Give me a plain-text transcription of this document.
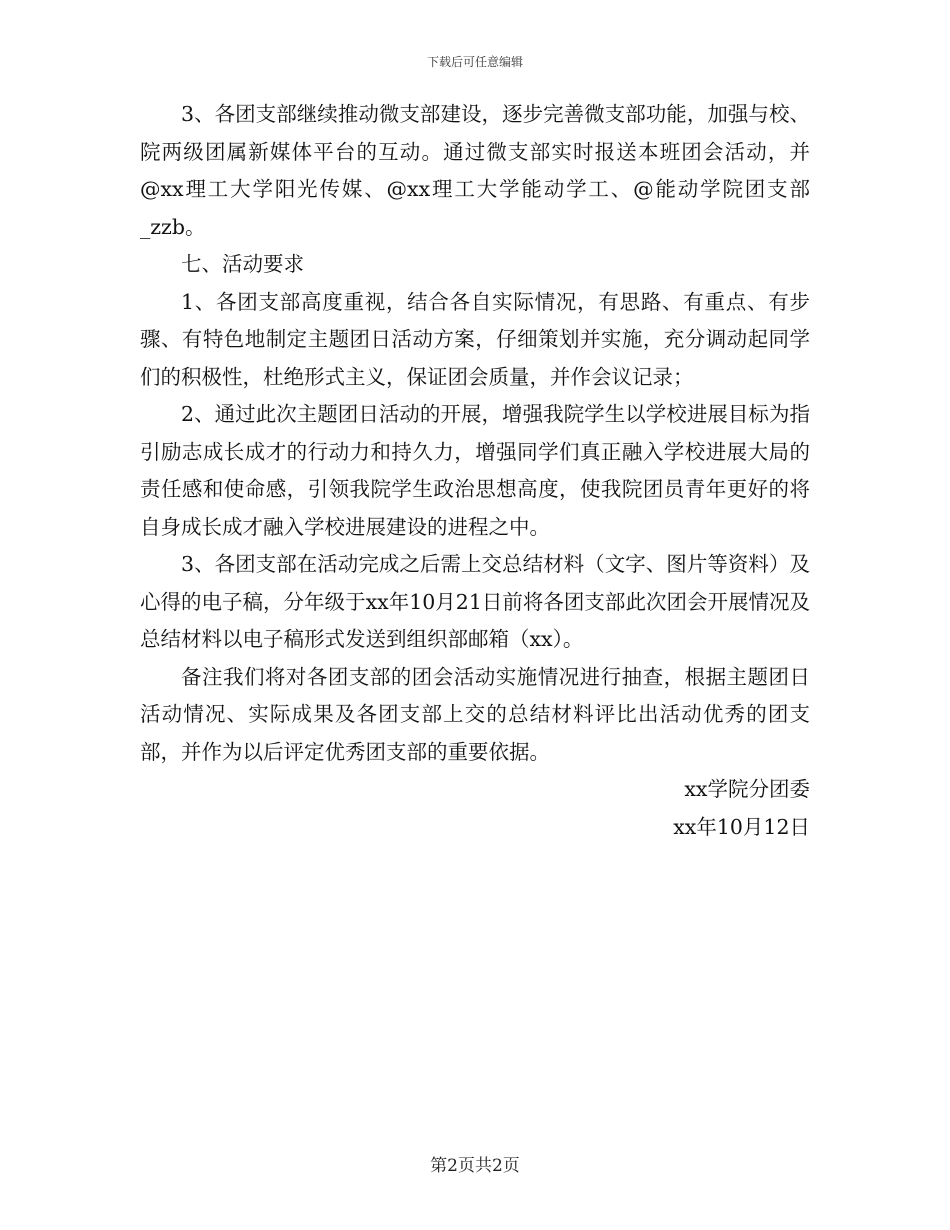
下载后可任意编辑

3、各团支部继续推动微支部建设，逐步完善微支部功能，加强与校、院两级团属新媒体平台的互动。通过微支部实时报送本班团会活动，并@xx理工大学阳光传媒、@xx理工大学能动学工、@能动学院团支部_zzb。

七、活动要求

1、各团支部高度重视，结合各自实际情况，有思路、有重点、有步骤、有特色地制定主题团日活动方案，仔细策划并实施，充分调动起同学们的积极性，杜绝形式主义，保证团会质量，并作会议记录；

2、通过此次主题团日活动的开展，增强我院学生以学校进展目标为指引励志成长成才的行动力和持久力，增强同学们真正融入学校进展大局的责任感和使命感，引领我院学生政治思想高度，使我院团员青年更好的将自身成长成才融入学校进展建设的进程之中。

3、各团支部在活动完成之后需上交总结材料（文字、图片等资料）及心得的电子稿，分年级于xx年10月21日前将各团支部此次团会开展情况及总结材料以电子稿形式发送到组织部邮箱（xx）。

备注我们将对各团支部的团会活动实施情况进行抽查，根据主题团日活动情况、实际成果及各团支部上交的总结材料评比出活动优秀的团支部，并作为以后评定优秀团支部的重要依据。

xx学院分团委

xx年10月12日

第2页共2页
